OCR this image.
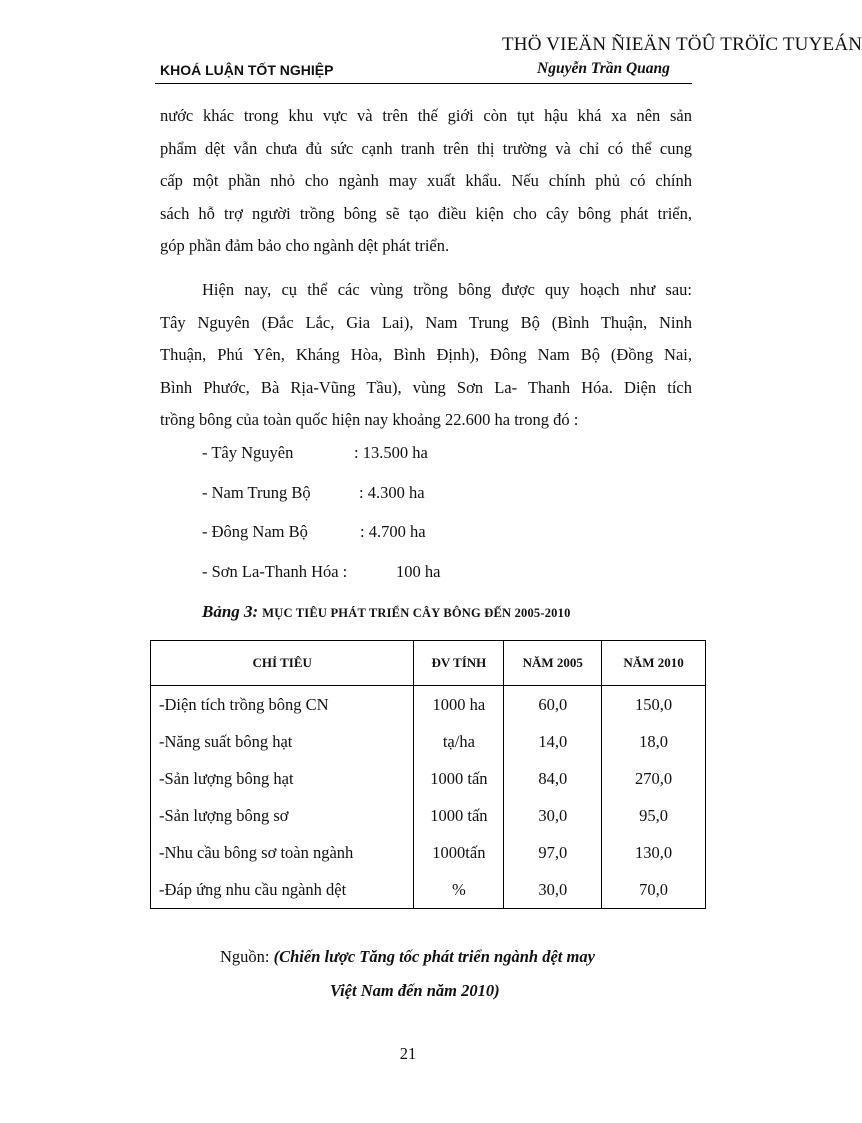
THÖ VIEÄN ÑIEÄN TÖÛ TRÖÏC TUYEÁN
KHOÁ LUẬN TỐT NGHIỆP	Nguyễn Trần Quang
nước khác trong khu vực và trên thế giới còn tụt hậu khá xa nên sản
phẩm dệt vẫn chưa đủ sức cạnh tranh trên thị trường và chỉ có thể cung
cấp một phần nhỏ cho ngành may xuất khẩu. Nếu chính phủ có chính
sách hỗ trợ người trồng bông sẽ tạo điều kiện cho cây bông phát triển,
góp phần đảm bảo cho ngành dệt phát triển.
Hiện nay, cụ thể các vùng trồng bông được quy hoạch như sau:
Tây Nguyên (Đắc Lắc, Gia Lai), Nam Trung Bộ (Bình Thuận, Ninh
Thuận, Phú Yên, Kháng Hòa, Bình Định), Đông Nam Bộ (Đồng Nai,
Bình Phước, Bà Rịa-Vũng Tầu), vùng Sơn La- Thanh Hóa. Diện tích
trồng bông của toàn quốc hiện nay khoảng 22.600 ha trong đó :
- Tây Nguyên	: 13.500 ha
- Nam Trung Bộ	: 4.300 ha
- Đông Nam Bộ	: 4.700 ha
- Sơn La-Thanh Hóa :	100 ha
Bảng 3: MỤC TIÊU PHÁT TRIỂN CÂY BÔNG ĐẾN 2005-2010
CHỈ TIÊU	ĐV TÍNH	NĂM 2005	NĂM 2010
-Diện tích trồng bông CN	1000 ha	60,0	150,0
-Năng suất bông hạt	tạ/ha	14,0	18,0
-Sản lượng bông hạt	1000 tấn	84,0	270,0
-Sản lượng bông sơ	1000 tấn	30,0	95,0
-Nhu cầu bông sơ toàn ngành	1000tấn	97,0	130,0
-Đáp ứng nhu cầu ngành dệt	%	30,0	70,0
Nguồn: (Chiến lược Tăng tốc phát triển ngành dệt may
Việt Nam đến năm 2010)
21
